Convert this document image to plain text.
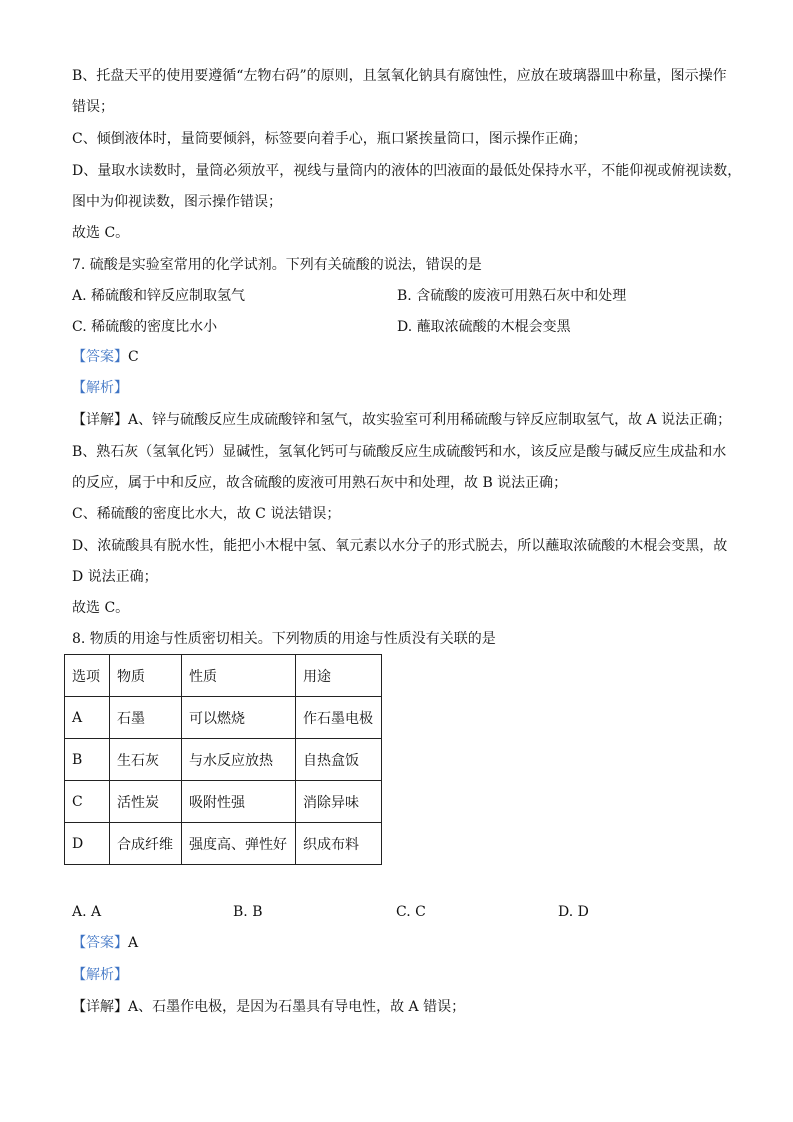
B、托盘天平的使用要遵循“左物右码”的原则，且氢氧化钠具有腐蚀性，应放在玻璃器皿中称量，图示操作
错误；
C、倾倒液体时，量筒要倾斜，标签要向着手心，瓶口紧挨量筒口，图示操作正确；
D、量取水读数时，量筒必须放平，视线与量筒内的液体的凹液面的最低处保持水平，不能仰视或俯视读数，
图中为仰视读数，图示操作错误；
故选 C。
7. 硫酸是实验室常用的化学试剂。下列有关硫酸的说法，错误的是
A. 稀硫酸和锌反应制取氢气	B. 含硫酸的废液可用熟石灰中和处理
C. 稀硫酸的密度比水小	D. 蘸取浓硫酸的木棍会变黑
【答案】C
【解析】
【详解】A、锌与硫酸反应生成硫酸锌和氢气，故实验室可利用稀硫酸与锌反应制取氢气，故 A 说法正确；
B、熟石灰（氢氧化钙）显碱性，氢氧化钙可与硫酸反应生成硫酸钙和水，该反应是酸与碱反应生成盐和水
的反应，属于中和反应，故含硫酸的废液可用熟石灰中和处理，故 B 说法正确；
C、稀硫酸的密度比水大，故 C 说法错误；
D、浓硫酸具有脱水性，能把小木棍中氢、氧元素以水分子的形式脱去，所以蘸取浓硫酸的木棍会变黑，故
D 说法正确；
故选 C。
8. 物质的用途与性质密切相关。下列物质的用途与性质没有关联的是
选项	物质	性质	用途
A	石墨	可以燃烧	作石墨电极
B	生石灰	与水反应放热	自热盒饭
C	活性炭	吸附性强	消除异味
D	合成纤维	强度高、弹性好	织成布料
A. A	B. B	C. C	D. D
【答案】A
【解析】
【详解】A、石墨作电极，是因为石墨具有导电性，故 A 错误；
